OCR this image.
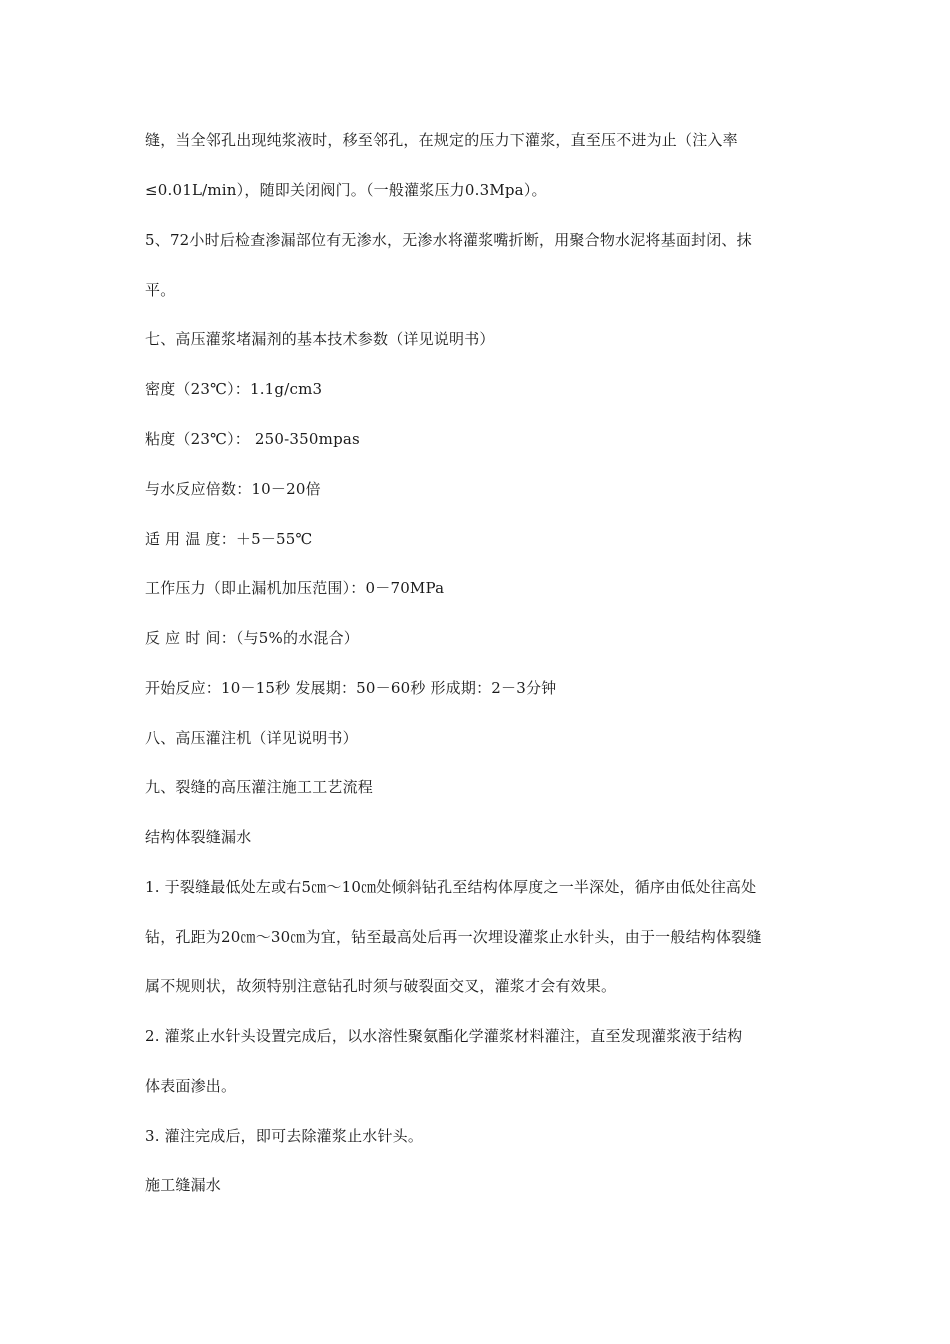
缝，当全邻孔出现纯浆液时，移至邻孔，在规定的压力下灌浆，直至压不进为止（注入率
≤0.01L/min），随即关闭阀门。（一般灌浆压力0.3Mpa）。
5、72小时后检查渗漏部位有无渗水，无渗水将灌浆嘴折断，用聚合物水泥将基面封闭、抹
平。
七、高压灌浆堵漏剂的基本技术参数（详见说明书）
密度（23℃）：1.1g/cm3
粘度（23℃）： 250-350mpas
与水反应倍数：10－20倍
适 用 温 度：＋5－55℃
工作压力（即止漏机加压范围）：0－70MPa
反 应 时 间：（与5%的水混合）
开始反应：10－15秒 发展期：50－60秒 形成期：2－3分钟
八、高压灌注机（详见说明书）
九、裂缝的高压灌注施工工艺流程
结构体裂缝漏水
1. 于裂缝最低处左或右5㎝～10㎝处倾斜钻孔至结构体厚度之一半深处，循序由低处往高处
钻，孔距为20㎝～30㎝为宜，钻至最高处后再一次埋设灌浆止水针头，由于一般结构体裂缝
属不规则状，故须特别注意钻孔时须与破裂面交叉，灌浆才会有效果。
2. 灌浆止水针头设置完成后，以水溶性聚氨酯化学灌浆材料灌注，直至发现灌浆液于结构
体表面渗出。
3. 灌注完成后，即可去除灌浆止水针头。
施工缝漏水
